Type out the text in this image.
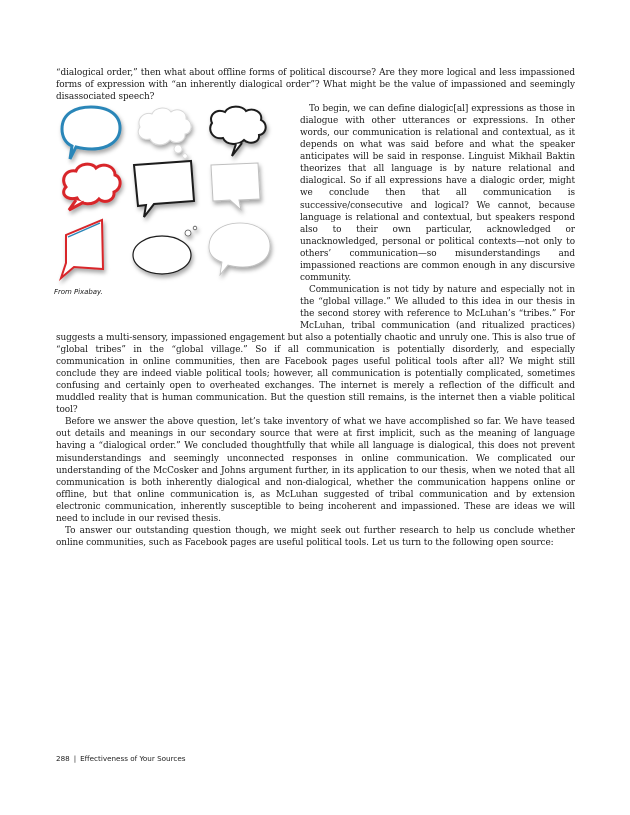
“dialogical order,” then what about offline forms of political discourse? Are they more logical and less impassioned forms of expression with “an inherently dialogical order”? What might be the value of impassioned and seemingly disassociated speech?

From Pixabay.

To begin, we can define dialogic[al] expressions as those in dialogue with other utterances or expressions. In other words, our communication is relational and contextual, as it depends on what was said before and what the speaker anticipates will be said in response. Linguist Mikhail Baktin theorizes that all language is by nature relational and dialogical. So if all expressions have a dialogic order, might we conclude then that all communication is successive/consecutive and logical? We cannot, because language is relational and contextual, but speakers respond also to their own particular, acknowledged or unacknowledged, personal or political contexts—not only to others’ communication—so misunderstandings and impassioned reactions are common enough in any discursive community.

Communication is not tidy by nature and especially not in the “global village.” We alluded to this idea in our thesis in the second storey with reference to McLuhan’s “tribes.” For McLuhan, tribal communication (and ritualized practices) suggests a multi-sensory, impassioned engagement but also a potentially chaotic and unruly one. This is also true of “global tribes” in the “global village.” So if all communication is potentially disorderly, and especially communication in online communities, then are Facebook pages useful political tools after all? We might still conclude they are indeed viable political tools; however, all communication is potentially complicated, sometimes confusing and certainly open to overheated exchanges. The internet is merely a reflection of the difficult and muddled reality that is human communication. But the question still remains, is the internet then a viable political tool?

Before we answer the above question, let’s take inventory of what we have accomplished so far. We have teased out details and meanings in our secondary source that were at first implicit, such as the meaning of language having a “dialogical order.” We concluded thoughtfully that while all language is dialogical, this does not prevent misunderstandings and seemingly unconnected responses in online communication. We complicated our understanding of the McCosker and Johns argument further, in its application to our thesis, when we noted that all communication is both inherently dialogical and non-dialogical, whether the communication happens online or offline, but that online communication is, as McLuhan suggested of tribal communication and by extension electronic communication, inherently susceptible to being incoherent and impassioned. These are ideas we will need to include in our revised thesis.

To answer our outstanding question though, we might seek out further research to help us conclude whether online communities, such as Facebook pages are useful political tools. Let us turn to the following open source:

288 | Effectiveness of Your Sources
